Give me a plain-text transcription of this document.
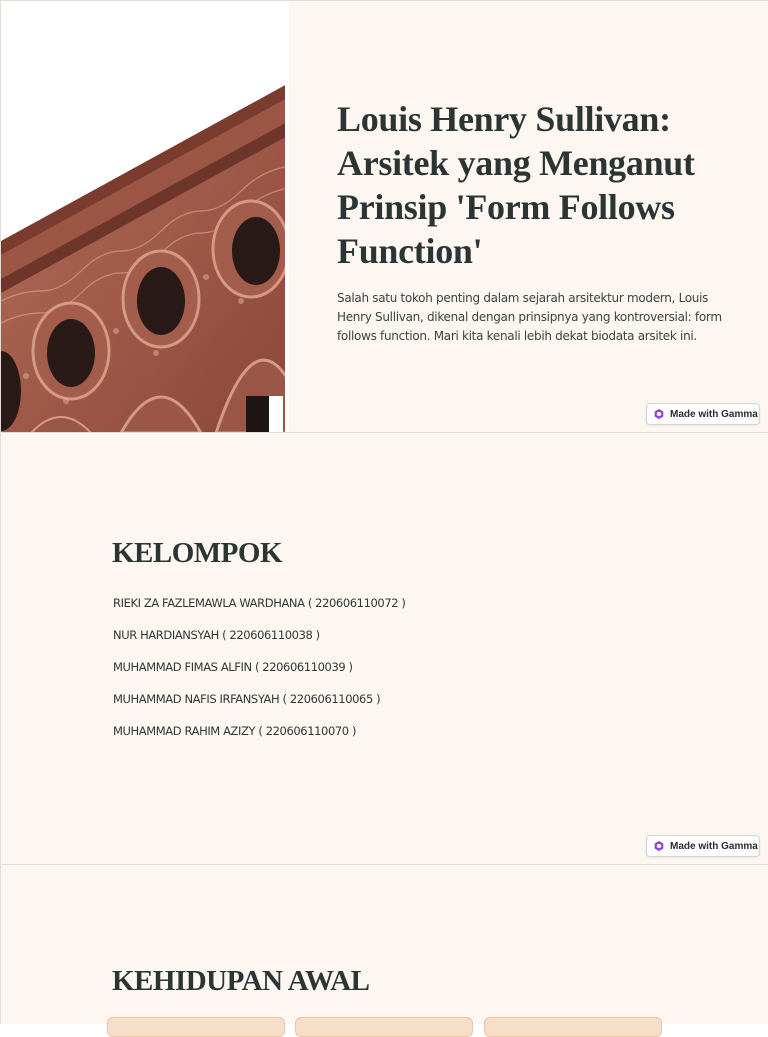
Louis Henry Sullivan: Arsitek yang Menganut Prinsip 'Form Follows Function'

Salah satu tokoh penting dalam sejarah arsitektur modern, Louis Henry Sullivan, dikenal dengan prinsipnya yang kontroversial: form follows function. Mari kita kenali lebih dekat biodata arsitek ini.

Made with Gamma
KELOMPOK
RIEKI ZA FAZLEMAWLA WARDHANA ( 220606110072 )
NUR HARDIANSYAH ( 220606110038 )
MUHAMMAD FIMAS ALFIN ( 220606110039 )
MUHAMMAD NAFIS IRFANSYAH ( 220606110065 )
MUHAMMAD RAHIM AZIZY ( 220606110070 )
Made with Gamma
KEHIDUPAN AWAL
